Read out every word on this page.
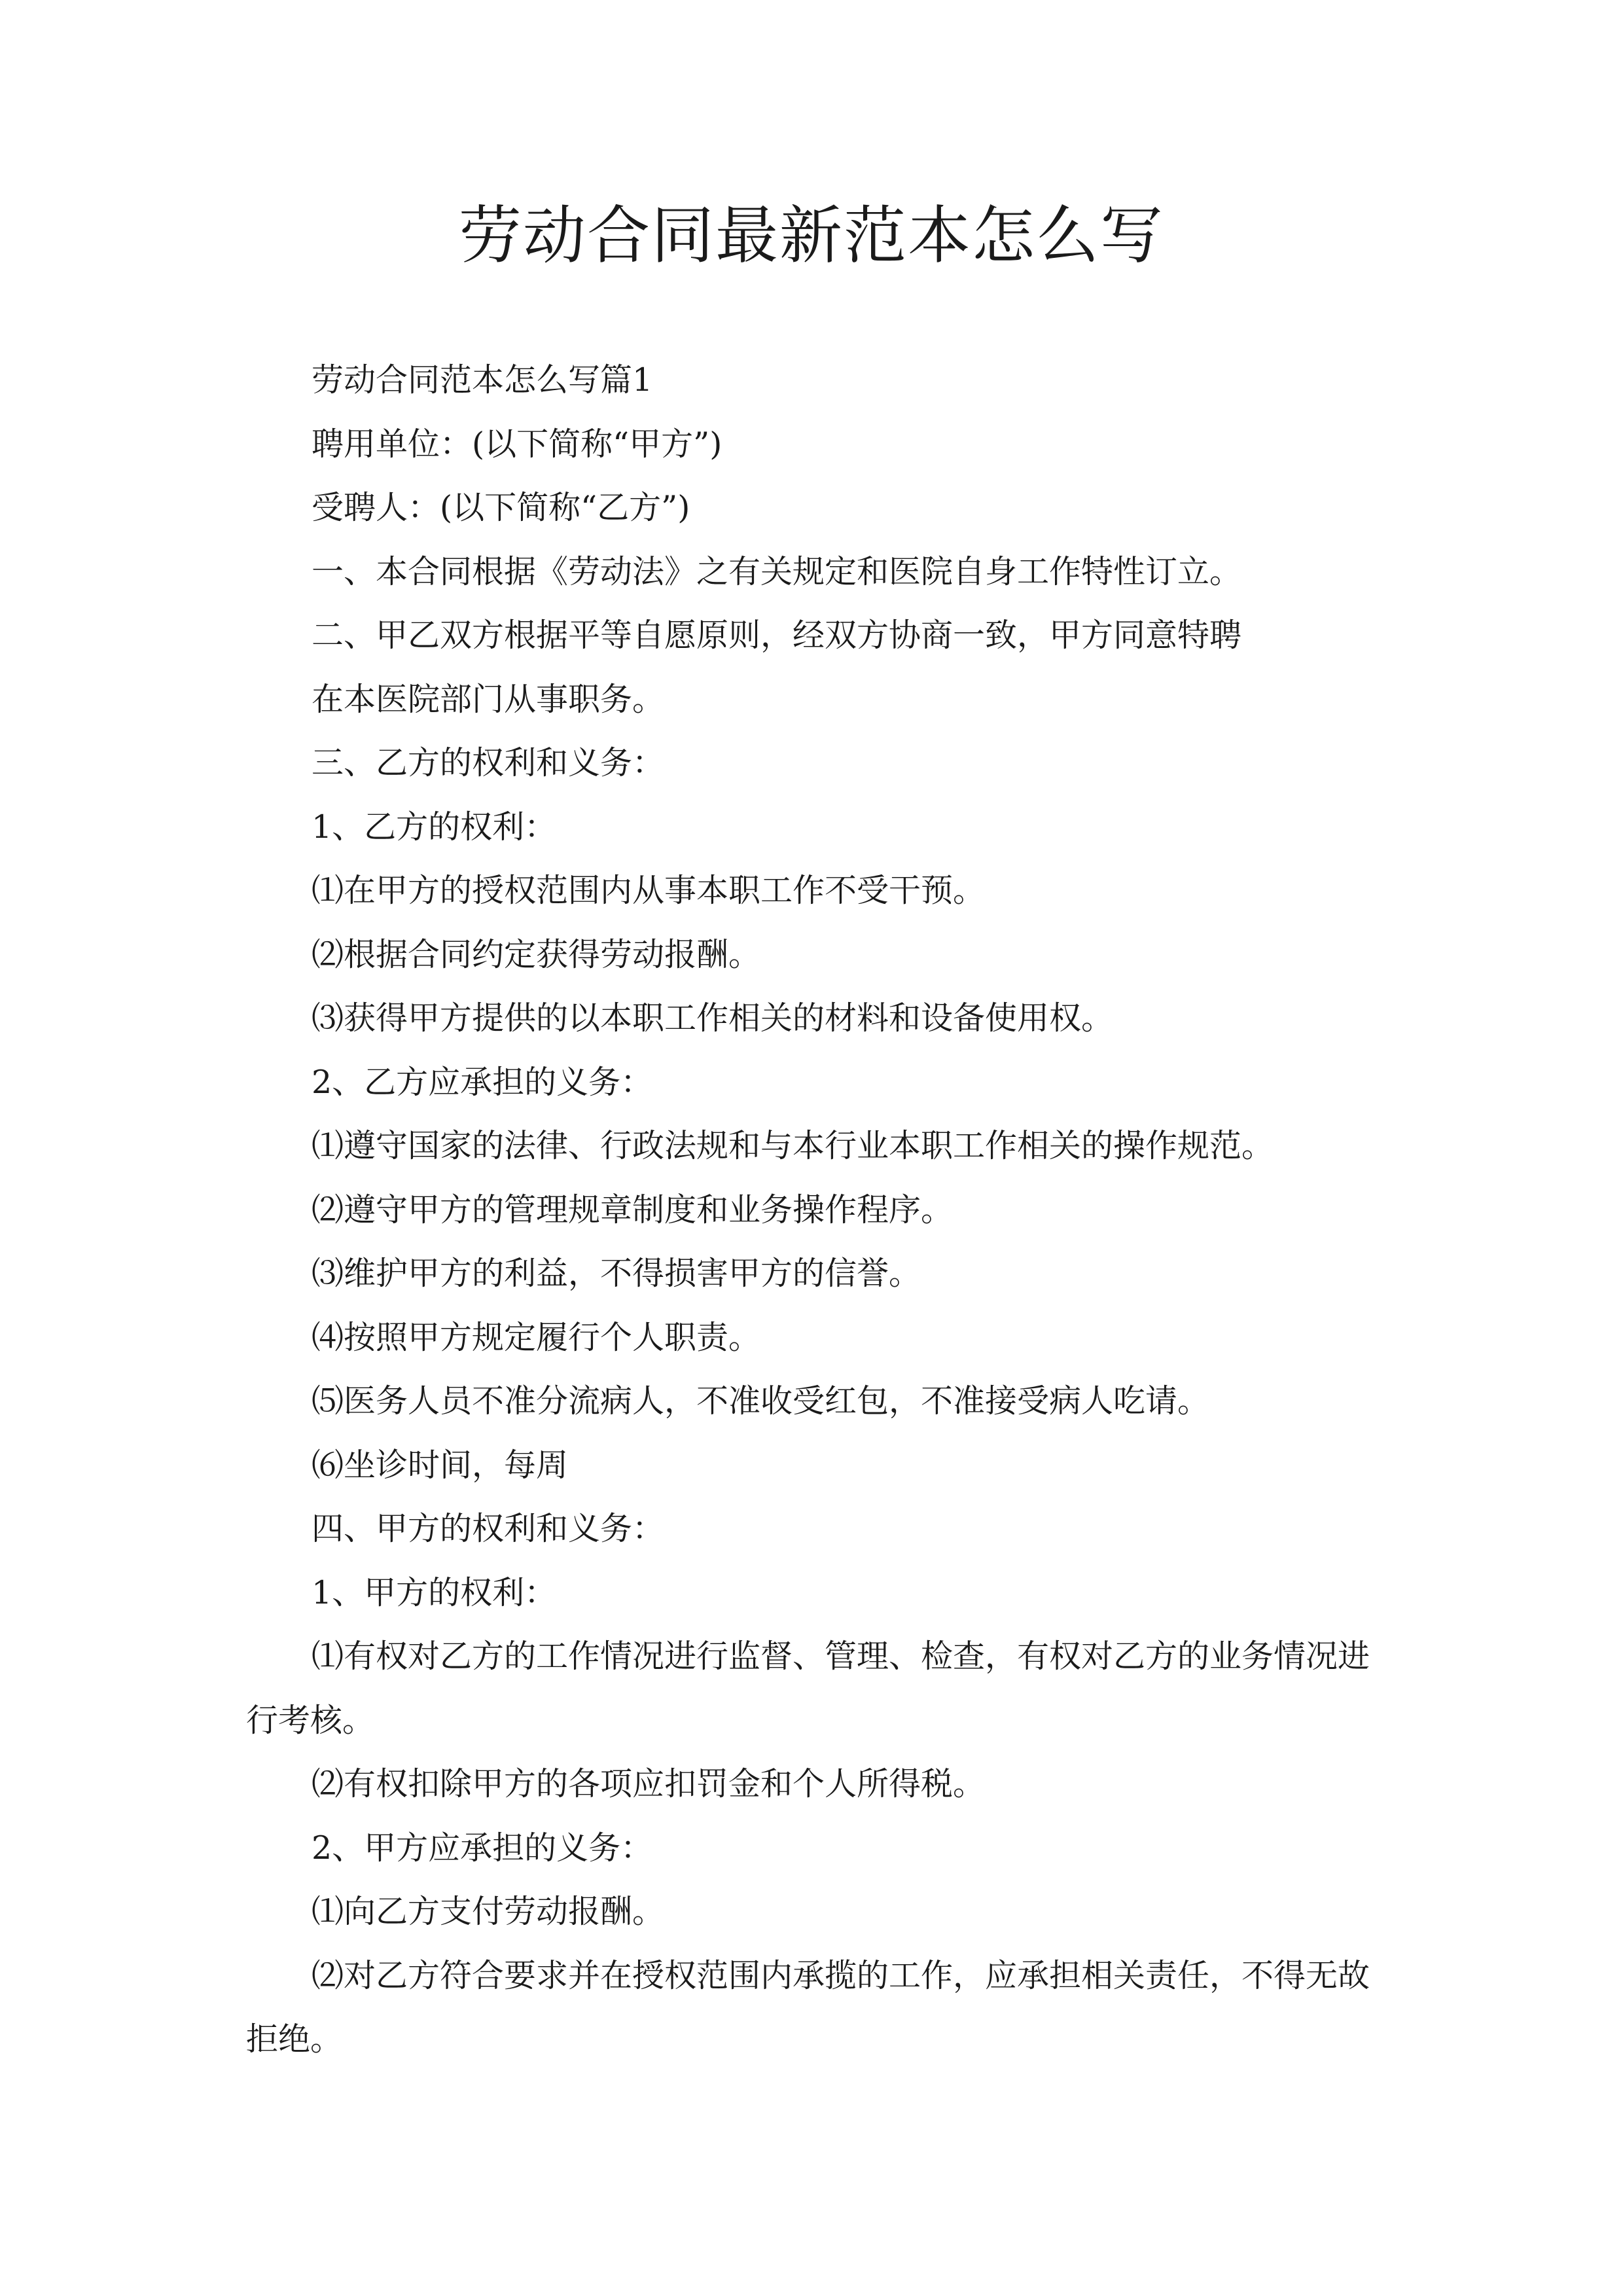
劳动合同最新范本怎么写

劳动合同范本怎么写篇1

聘用单位：(以下简称“甲方”)

受聘人：(以下简称“乙方”)

一、本合同根据《劳动法》之有关规定和医院自身工作特性订立。

二、甲乙双方根据平等自愿原则，经双方协商一致，甲方同意特聘

在本医院部门从事职务。

三、乙方的权利和义务：

1、乙方的权利：

⑴在甲方的授权范围内从事本职工作不受干预。

⑵根据合同约定获得劳动报酬。

⑶获得甲方提供的以本职工作相关的材料和设备使用权。

2、乙方应承担的义务：

⑴遵守国家的法律、行政法规和与本行业本职工作相关的操作规范。

⑵遵守甲方的管理规章制度和业务操作程序。

⑶维护甲方的利益，不得损害甲方的信誉。

⑷按照甲方规定履行个人职责。

⑸医务人员不准分流病人，不准收受红包，不准接受病人吃请。

⑹坐诊时间，每周

四、甲方的权利和义务：

1、甲方的权利：

⑴有权对乙方的工作情况进行监督、管理、检查，有权对乙方的业务情况进行考核。

⑵有权扣除甲方的各项应扣罚金和个人所得税。

2、甲方应承担的义务：

⑴向乙方支付劳动报酬。

⑵对乙方符合要求并在授权范围内承揽的工作，应承担相关责任，不得无故拒绝。
